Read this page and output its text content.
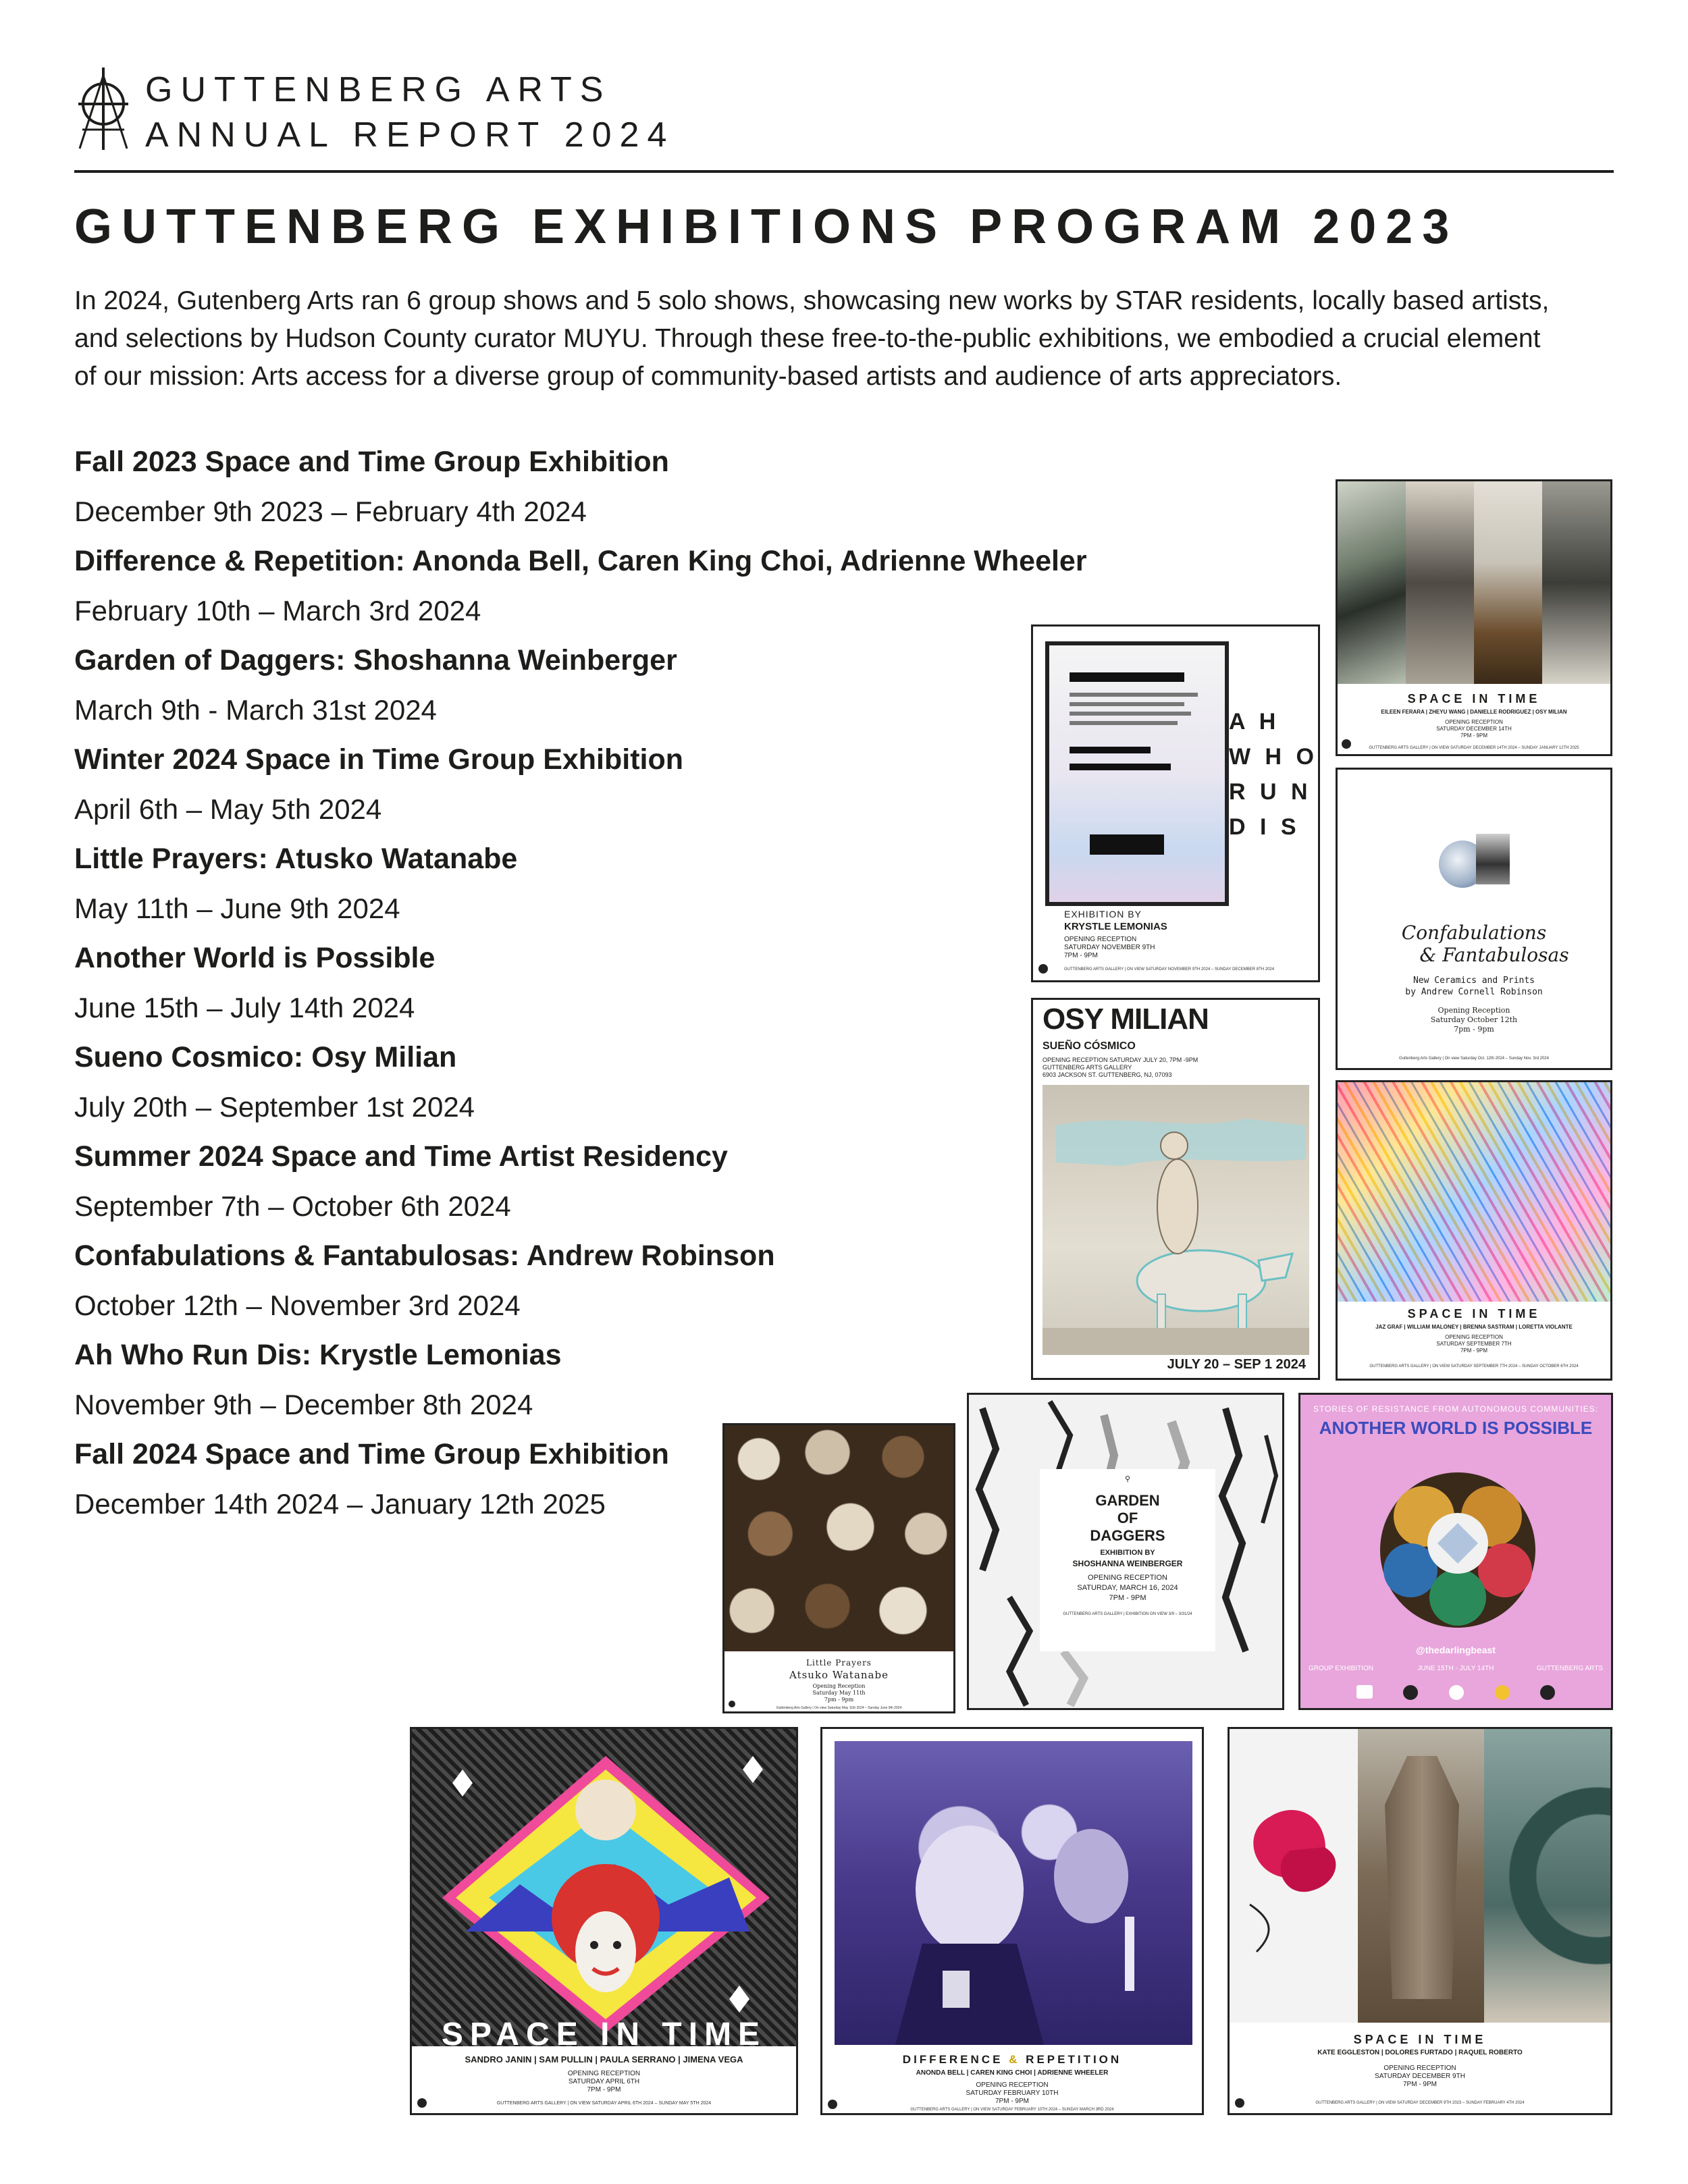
GUTTENBERG ARTS
ANNUAL REPORT 2024
GUTTENBERG EXHIBITIONS PROGRAM 2023
In 2024, Gutenberg Arts ran 6 group shows and 5 solo shows, showcasing new works by STAR residents, locally based artists,
and selections by Hudson County curator MUYU. Through these free-to-the-public exhibitions, we embodied a crucial element
of our mission: Arts access for a diverse group of community-based artists and audience of arts appreciators.
Fall 2023 Space and Time Group Exhibition
December 9th 2023 – February 4th 2024
Difference & Repetition: Anonda Bell, Caren King Choi, Adrienne Wheeler
February 10th – March 3rd 2024
Garden of Daggers: Shoshanna Weinberger
March 9th - March 31st 2024
Winter 2024 Space in Time Group Exhibition
April 6th – May 5th 2024
Little Prayers: Atusko Watanabe
May 11th – June 9th 2024
Another World is Possible
June 15th – July 14th 2024
Sueno Cosmico: Osy Milian
July 20th – September 1st 2024
Summer 2024 Space and Time Artist Residency
September 7th – October 6th 2024
Confabulations & Fantabulosas: Andrew Robinson
October 12th – November 3rd 2024
Ah Who Run Dis: Krystle Lemonias
November 9th – December 8th 2024
Fall 2024 Space and Time Group Exhibition
December 14th 2024 – January 12th 2025
SPACE IN TIME
EILEEN FERARA | ZHEYU WANG | DANIELLE RODRIGUEZ | OSY MILIAN
OPENING RECEPTION
SATURDAY DECEMBER 14TH
7PM - 9PM
GUTTENBERG ARTS GALLERY | ON VIEW SATURDAY DECEMBER 14TH 2024 – SUNDAY JANUARY 12TH 2025
A H
W H O
R U N
D I S
EXHIBITION BY
KRYSTLE LEMONIAS
OPENING RECEPTION
SATURDAY NOVEMBER 9TH
7PM - 9PM
GUTTENBERG ARTS GALLERY | ON VIEW SATURDAY NOVEMBER 9TH 2024 – SUNDAY DECEMBER 8TH 2024
Confabulations
& Fantabulosas
New Ceramics and Prints
by Andrew Cornell Robinson
Opening Reception
Saturday October 12th
7pm - 9pm
Guttenberg Arts Gallery | On view Saturday Oct. 12th 2024 – Sunday Nov. 3rd 2024
OSY MILIAN
SUEÑO CÓSMICO
OPENING RECEPTION SATURDAY JULY 20, 7PM -9PM
GUTTENBERG ARTS GALLERY
6903 JACKSON ST. GUTTENBERG, NJ, 07093
JULY 20 – SEP 1 2024
SPACE IN TIME
JAZ GRAF | WILLIAM MALONEY | BRENNA SASTRAM | LORETTA VIOLANTE
OPENING RECEPTION
SATURDAY SEPTEMBER 7TH
7PM - 9PM
GUTTENBERG ARTS GALLERY | ON VIEW SATURDAY SEPTEMBER 7TH 2024 – SUNDAY OCTOBER 6TH 2024
Little Prayers
Atsuko Watanabe
Opening Reception
Saturday May 11th
7pm - 9pm
Guttenberg Arts Gallery | On view Saturday May 11th 2024 – Sunday June 9th 2024
⚲
GARDEN
OF
DAGGERS
EXHIBITION BY
SHOSHANNA WEINBERGER
OPENING RECEPTION
SATURDAY, MARCH 16, 2024
7PM - 9PM
GUTTENBERG ARTS GALLERY | EXHIBITION ON VIEW 3/9 – 3/31/24
STORIES OF RESISTANCE FROM AUTONOMOUS COMMUNITIES:
ANOTHER WORLD IS POSSIBLE
@thedarlingbeast
GROUP EXHIBITION	JUNE 15TH - JULY 14TH	GUTTENBERG ARTS
SPACE IN TIME
SANDRO JANIN | SAM PULLIN | PAULA SERRANO | JIMENA VEGA
OPENING RECEPTION
SATURDAY APRIL 6TH
7PM - 9PM
GUTTENBERG ARTS GALLERY | ON VIEW SATURDAY APRIL 6TH 2024 – SUNDAY MAY 5TH 2024
DIFFERENCE & REPETITION
ANONDA BELL | CAREN KING CHOI | ADRIENNE WHEELER
OPENING RECEPTION
SATURDAY FEBRUARY 10TH
7PM - 9PM
GUTTENBERG ARTS GALLERY | ON VIEW SATURDAY FEBRUARY 10TH 2024 – SUNDAY MARCH 3RD 2024
SPACE IN TIME
KATE EGGLESTON | DOLORES FURTADO | RAQUEL ROBERTO
OPENING RECEPTION
SATURDAY DECEMBER 9TH
7PM - 9PM
GUTTENBERG ARTS GALLERY | ON VIEW SATURDAY DECEMBER 9TH 2023 – SUNDAY FEBRUARY 4TH 2024
